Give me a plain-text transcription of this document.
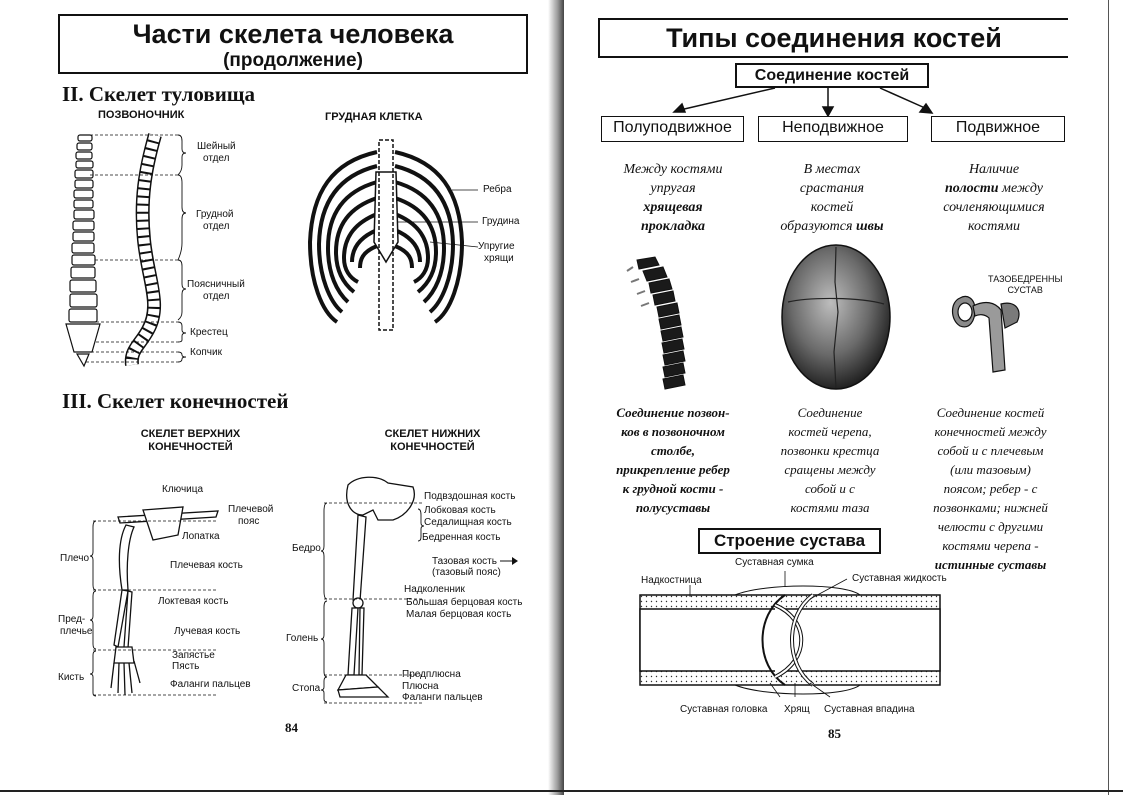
Части скелета человека
(продолжение)
II. Скелет туловища
ПОЗВОНОЧНИК	ГРУДНАЯ КЛЕТКА
Шейный
отдел
Грудной
отдел
Поясничный
отдел
Крестец
Копчик
Ребра
Грудина
Упругие
хрящи
III. Скелет конечностей
СКЕЛЕТ ВЕРХНИХ
КОНЕЧНОСТЕЙ
СКЕЛЕТ НИЖНИХ
КОНЕЧНОСТЕЙ
Ключица
Плечевой
пояс
Лопатка
Плечо
Плечевая кость
Локтевая кость
Пред-
плечье	Лучевая кость
Запястье
Пясть
Кисть
Фаланги пальцев
Подвздошная кость
Лобковая кость
Седалищная кость
Бедро
Бедренная кость
Тазовая кость
(тазовый пояс)
Надколенник
Большая берцовая кость
Малая берцовая кость
Голень
Предплюсна
Стопа	Плюсна
Фаланги пальцев
84
Типы соединения костей
Соединение костей
Полуподвижное	Неподвижное	Подвижное
Между костями
упругая
хрящевая
прокладка
В местах
срастания
костей
образуются швы
Наличие
полости между
сочленяющимися
костями
ТАЗОБЕДРЕННЫ
СУСТАВ
Соединение позвон-
ков в позвоночном
столбе,
прикрепление ребер
к грудной кости -
полусуставы
Соединение
костей черепа,
позвонки крестца
сращены между
собой и с
костями таза
Соединение костей
конечностей между
собой и с плечевым
(или тазовым)
поясом; ребер - с
позвонками; нижней
челюсти с другими
костями черепа -
истинные суставы
Строение сустава
Суставная сумка
Надкостница	Суставная жидкость
Суставная головка Хрящ Суставная впадина
85
